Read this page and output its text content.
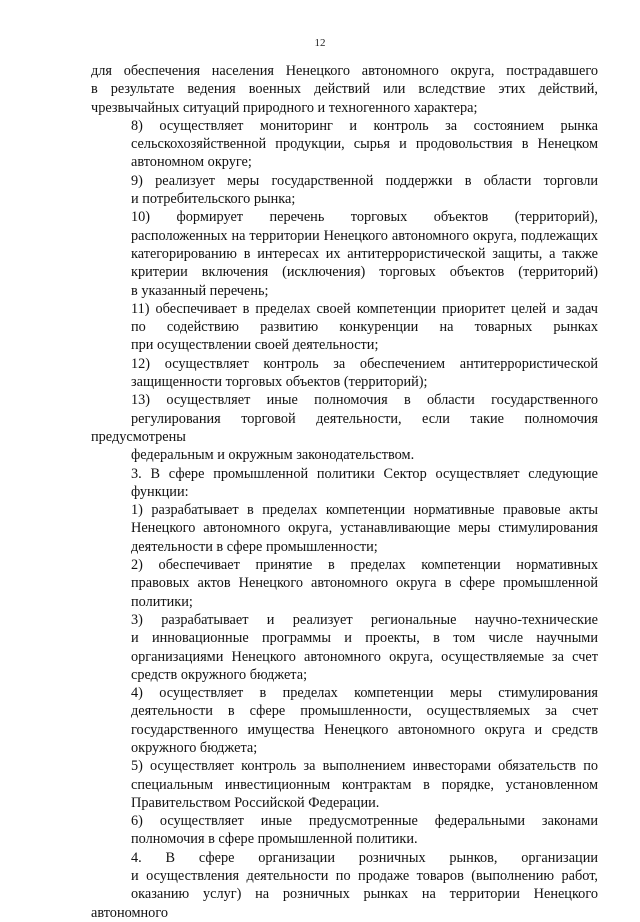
12

для обеспечения населения Ненецкого автономного округа, пострадавшего
в результате ведения военных действий или вследствие этих действий,
чрезвычайных ситуаций природного и техногенного характера;

8) осуществляет мониторинг и контроль за состоянием рынка
сельскохозяйственной продукции, сырья и продовольствия в Ненецком
автономном округе;

9) реализует меры государственной поддержки в области торговли
и потребительского рынка;

10) формирует перечень торговых объектов (территорий),
расположенных на территории Ненецкого автономного округа, подлежащих
категорированию в интересах их антитеррористической защиты, а также
критерии включения (исключения) торговых объектов (территорий)
в указанный перечень;

11) обеспечивает в пределах своей компетенции приоритет целей и задач
по содействию развитию конкуренции на товарных рынках
при осуществлении своей деятельности;

12) осуществляет контроль за обеспечением антитеррористической
защищенности торговых объектов (территорий);

13) осуществляет иные полномочия в области государственного
регулирования торговой деятельности, если такие полномочия предусмотрены
федеральным и окружным законодательством.

3. В сфере промышленной политики Сектор осуществляет следующие
функции:

1) разрабатывает в пределах компетенции нормативные правовые акты
Ненецкого автономного округа, устанавливающие меры стимулирования
деятельности в сфере промышленности;

2) обеспечивает принятие в пределах компетенции нормативных
правовых актов Ненецкого автономного округа в сфере промышленной
политики;

3) разрабатывает и реализует региональные научно-технические
и инновационные программы и проекты, в том числе научными
организациями Ненецкого автономного округа, осуществляемые за счет
средств окружного бюджета;

4) осуществляет в пределах компетенции меры стимулирования
деятельности в сфере промышленности, осуществляемых за счет
государственного имущества Ненецкого автономного округа и средств
окружного бюджета;

5) осуществляет контроль за выполнением инвесторами обязательств по
специальным инвестиционным контрактам в порядке, установленном
Правительством Российской Федерации.

6) осуществляет иные предусмотренные федеральными законами
полномочия в сфере промышленной политики.

4. В сфере организации розничных рынков, организации
и осуществления деятельности по продаже товаров (выполнению работ,
оказанию услуг) на розничных рынках на территории Ненецкого автономного
